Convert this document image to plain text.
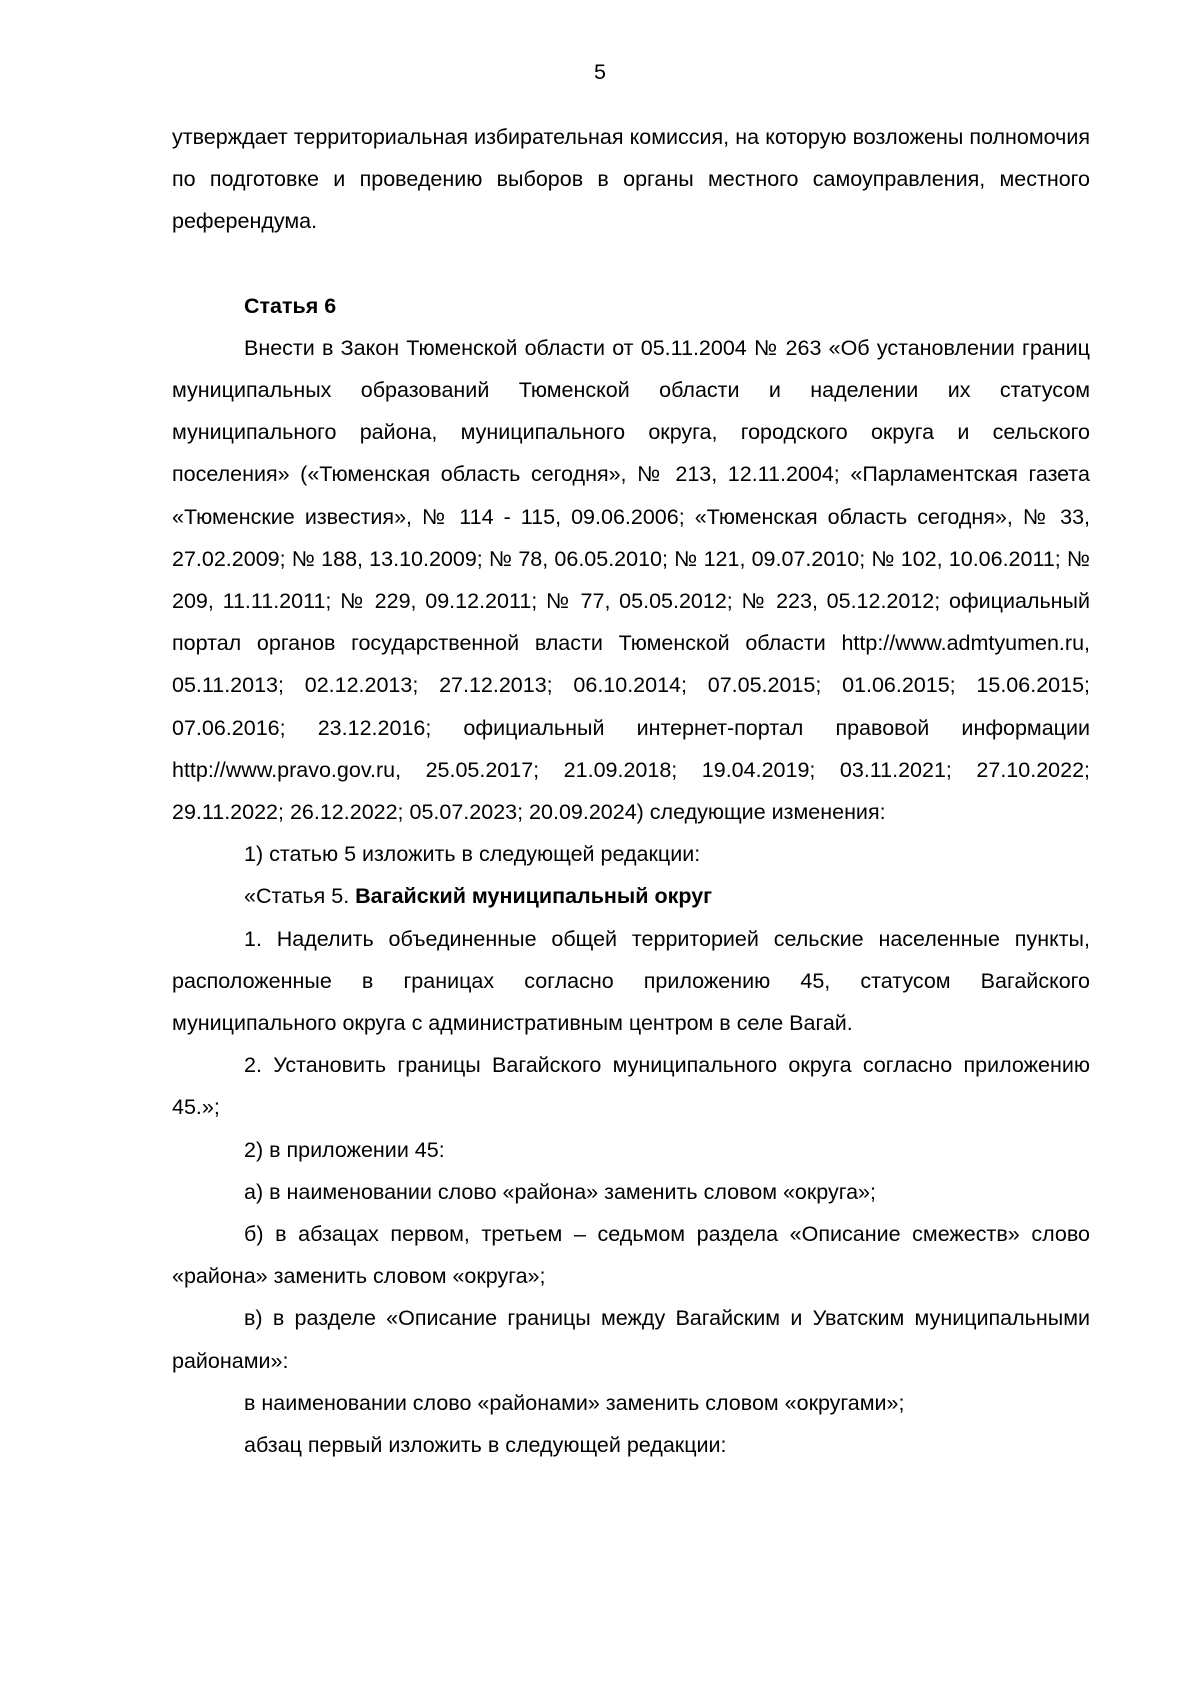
5

утверждает территориальная избирательная комиссия, на которую возложены полномочия по подготовке и проведению выборов в органы местного самоуправления, местного референдума.

Статья 6

Внести в Закон Тюменской области от 05.11.2004 № 263 «Об установлении границ муниципальных образований Тюменской области и наделении их статусом муниципального района, муниципального округа, городского округа и сельского поселения» («Тюменская область сегодня», № 213, 12.11.2004; «Парламентская газета «Тюменские известия», № 114 - 115, 09.06.2006; «Тюменская область сегодня», № 33, 27.02.2009; № 188, 13.10.2009; № 78, 06.05.2010; № 121, 09.07.2010; № 102, 10.06.2011; № 209, 11.11.2011; № 229, 09.12.2011; № 77, 05.05.2012; № 223, 05.12.2012; официальный портал органов государственной власти Тюменской области http://www.admtyumen.ru, 05.11.2013; 02.12.2013; 27.12.2013; 06.10.2014; 07.05.2015; 01.06.2015; 15.06.2015; 07.06.2016; 23.12.2016; официальный интернет-портал правовой информации http://www.pravo.gov.ru, 25.05.2017; 21.09.2018; 19.04.2019; 03.11.2021; 27.10.2022; 29.11.2022; 26.12.2022; 05.07.2023; 20.09.2024) следующие изменения:

1) статью 5 изложить в следующей редакции:

«Статья 5. Вагайский муниципальный округ

1. Наделить объединенные общей территорией сельские населенные пункты, расположенные в границах согласно приложению 45, статусом Вагайского муниципального округа с административным центром в селе Вагай.

2. Установить границы Вагайского муниципального округа согласно приложению 45.»;

2) в приложении 45:

а) в наименовании слово «района» заменить словом «округа»;

б) в абзацах первом, третьем – седьмом раздела «Описание смежеств» слово «района» заменить словом «округа»;

в) в разделе «Описание границы между Вагайским и Уватским муниципальными районами»:

в наименовании слово «районами» заменить словом «округами»;

абзац первый изложить в следующей редакции:
